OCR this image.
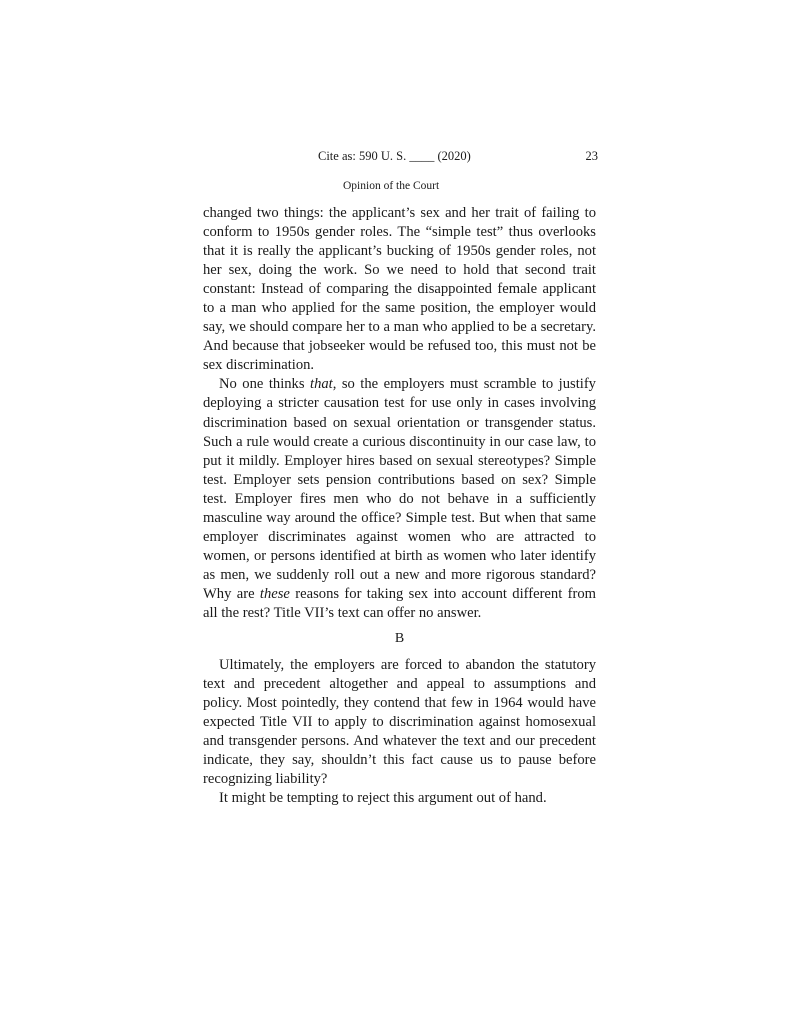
Cite as: 590 U. S. ____ (2020)	23
Opinion of the Court

changed two things: the applicant’s sex and her trait of failing to conform to 1950s gender roles. The “simple test” thus overlooks that it is really the applicant’s bucking of 1950s gender roles, not her sex, doing the work. So we need to hold that second trait constant: Instead of comparing the disappointed female applicant to a man who applied for the same position, the employer would say, we should compare her to a man who applied to be a secretary. And because that jobseeker would be refused too, this must not be sex discrimination.

No one thinks that, so the employers must scramble to justify deploying a stricter causation test for use only in cases involving discrimination based on sexual orientation or transgender status. Such a rule would create a curious discontinuity in our case law, to put it mildly. Employer hires based on sexual stereotypes? Simple test. Employer sets pension contributions based on sex? Simple test. Employer fires men who do not behave in a sufficiently masculine way around the office? Simple test. But when that same employer discriminates against women who are attracted to women, or persons identified at birth as women who later identify as men, we suddenly roll out a new and more rigorous standard? Why are these reasons for taking sex into account different from all the rest? Title VII’s text can offer no answer.

B

Ultimately, the employers are forced to abandon the statutory text and precedent altogether and appeal to assumptions and policy. Most pointedly, they contend that few in 1964 would have expected Title VII to apply to discrimination against homosexual and transgender persons. And whatever the text and our precedent indicate, they say, shouldn’t this fact cause us to pause before recognizing liability?

It might be tempting to reject this argument out of hand.
